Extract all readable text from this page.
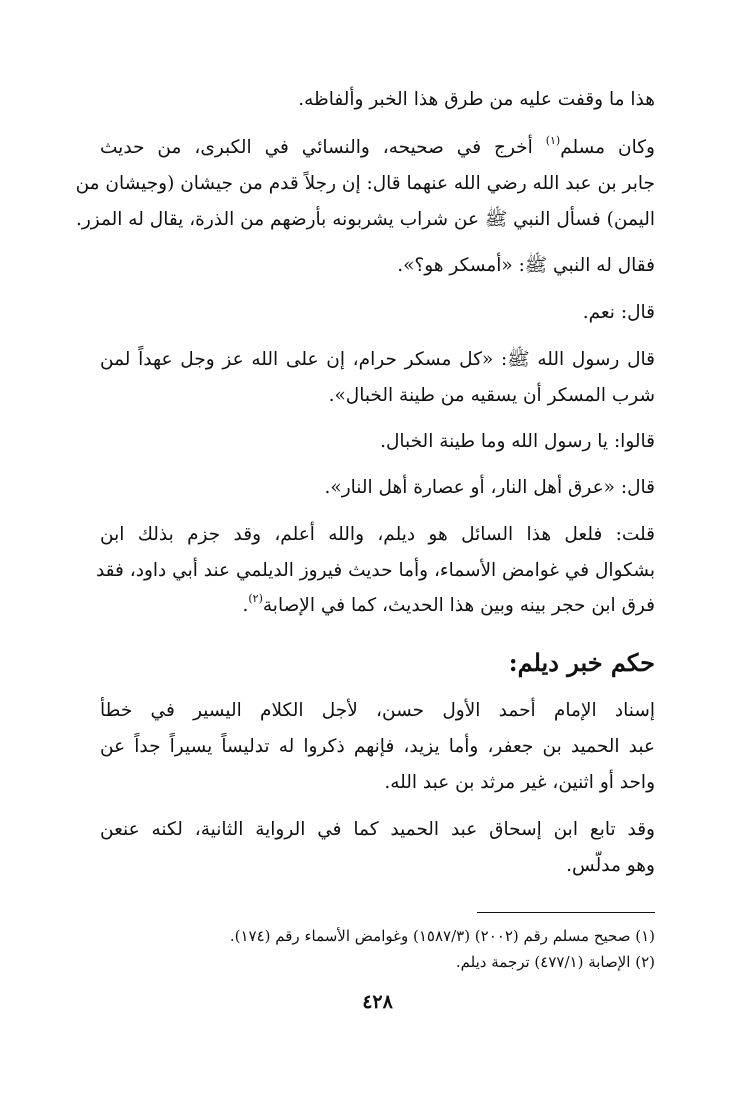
هذا ما وقفت عليه من طرق هذا الخبر وألفاظه.
وكان مسلم$^{(١)}$ أخرج في صحيحه، والنسائي في الكبرى، من حديث
جابر بن عبد الله رضي الله عنهما قال: إن رجلاً قدم من جيشان (وجيشان من
اليمن) فسأل النبي ﷺ عن شراب يشربونه بأرضهم من الذرة، يقال له المزر.
فقال له النبي ﷺ: «أمسكر هو؟».
قال: نعم.
قال رسول الله ﷺ: «كل مسكر حرام، إن على الله عز وجل عهداً لمن
شرب المسكر أن يسقيه من طينة الخبال».
قالوا: يا رسول الله وما طينة الخبال.
قال: «عرق أهل النار، أو عصارة أهل النار».
قلت: فلعل هذا السائل هو ديلم، والله أعلم، وقد جزم بذلك ابن
بشكوال في غوامض الأسماء، وأما حديث فيروز الديلمي عند أبي داود، فقد
فرق ابن حجر بينه وبين هذا الحديث، كما في الإصابة$^{(٢)}$.
حكم خبر ديلم:
إسناد الإمام أحمد الأول حسن، لأجل الكلام اليسير في خطأ
عبد الحميد بن جعفر، وأما يزيد، فإنهم ذكروا له تدليساً يسيراً جداً عن
واحد أو اثنين، غير مرثد بن عبد الله.
وقد تابع ابن إسحاق عبد الحميد كما في الرواية الثانية، لكنه عنعن
وهو مدلّس.
(١) صحيح مسلم رقم (٢٠٠٢) (١٥٨٧/٣) وغوامض الأسماء رقم (١٧٤).
(٢) الإصابة (٤٧٧/١) ترجمة ديلم.
٤٢٨
